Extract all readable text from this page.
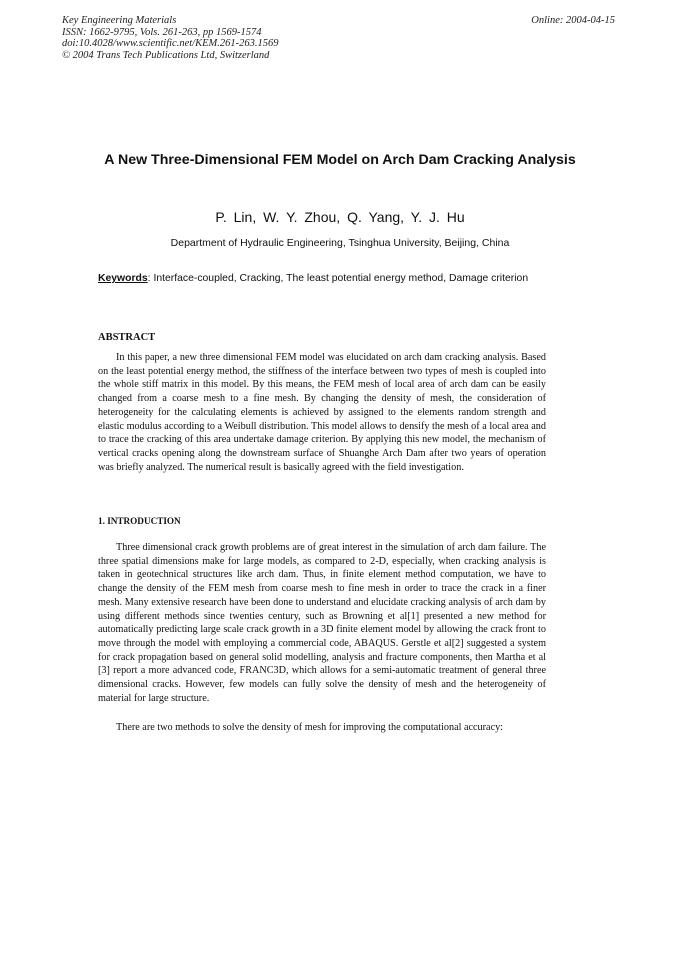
Key Engineering Materials
ISSN: 1662-9795, Vols. 261-263, pp 1569-1574
doi:10.4028/www.scientific.net/KEM.261-263.1569
© 2004 Trans Tech Publications Ltd, Switzerland
Online: 2004-04-15
A New Three-Dimensional FEM Model on Arch Dam Cracking Analysis
P. Lin, W. Y. Zhou, Q. Yang, Y. J. Hu
Department of Hydraulic Engineering, Tsinghua University, Beijing, China
Keywords: Interface-coupled, Cracking, The least potential energy method, Damage criterion
ABSTRACT

In this paper, a new three dimensional FEM model was elucidated on arch dam cracking analysis. Based on the least potential energy method, the stiffness of the interface between two types of mesh is coupled into the whole stiff matrix in this model. By this means, the FEM mesh of local area of arch dam can be easily changed from a coarse mesh to a fine mesh. By changing the density of mesh, the consideration of heterogeneity for the calculating elements is achieved by assigned to the elements random strength and elastic modulus according to a Weibull distribution. This model allows to densify the mesh of a local area and to trace the cracking of this area undertake damage criterion. By applying this new model, the mechanism of vertical cracks opening along the downstream surface of Shuanghe Arch Dam after two years of operation was briefly analyzed. The numerical result is basically agreed with the field investigation.

1. INTRODUCTION

Three dimensional crack growth problems are of great interest in the simulation of arch dam failure. The three spatial dimensions make for large models, as compared to 2-D, especially, when cracking analysis is taken in geotechnical structures like arch dam. Thus, in finite element method computation, we have to change the density of the FEM mesh from coarse mesh to fine mesh in order to trace the crack in a finer mesh. Many extensive research have been done to understand and elucidate cracking analysis of arch dam by using different methods since twenties century, such as Browning et al[1] presented a new method for automatically predicting large scale crack growth in a 3D finite element model by allowing the crack front to move through the model with employing a commercial code, ABAQUS. Gerstle et al[2] suggested a system for crack propagation based on general solid modelling, analysis and fracture components, then Martha et al [3] report a more advanced code, FRANC3D, which allows for a semi-automatic treatment of general three dimensional cracks. However, few models can fully solve the density of mesh and the heterogeneity of material for large structure.

There are two methods to solve the density of mesh for improving the computational accuracy:
